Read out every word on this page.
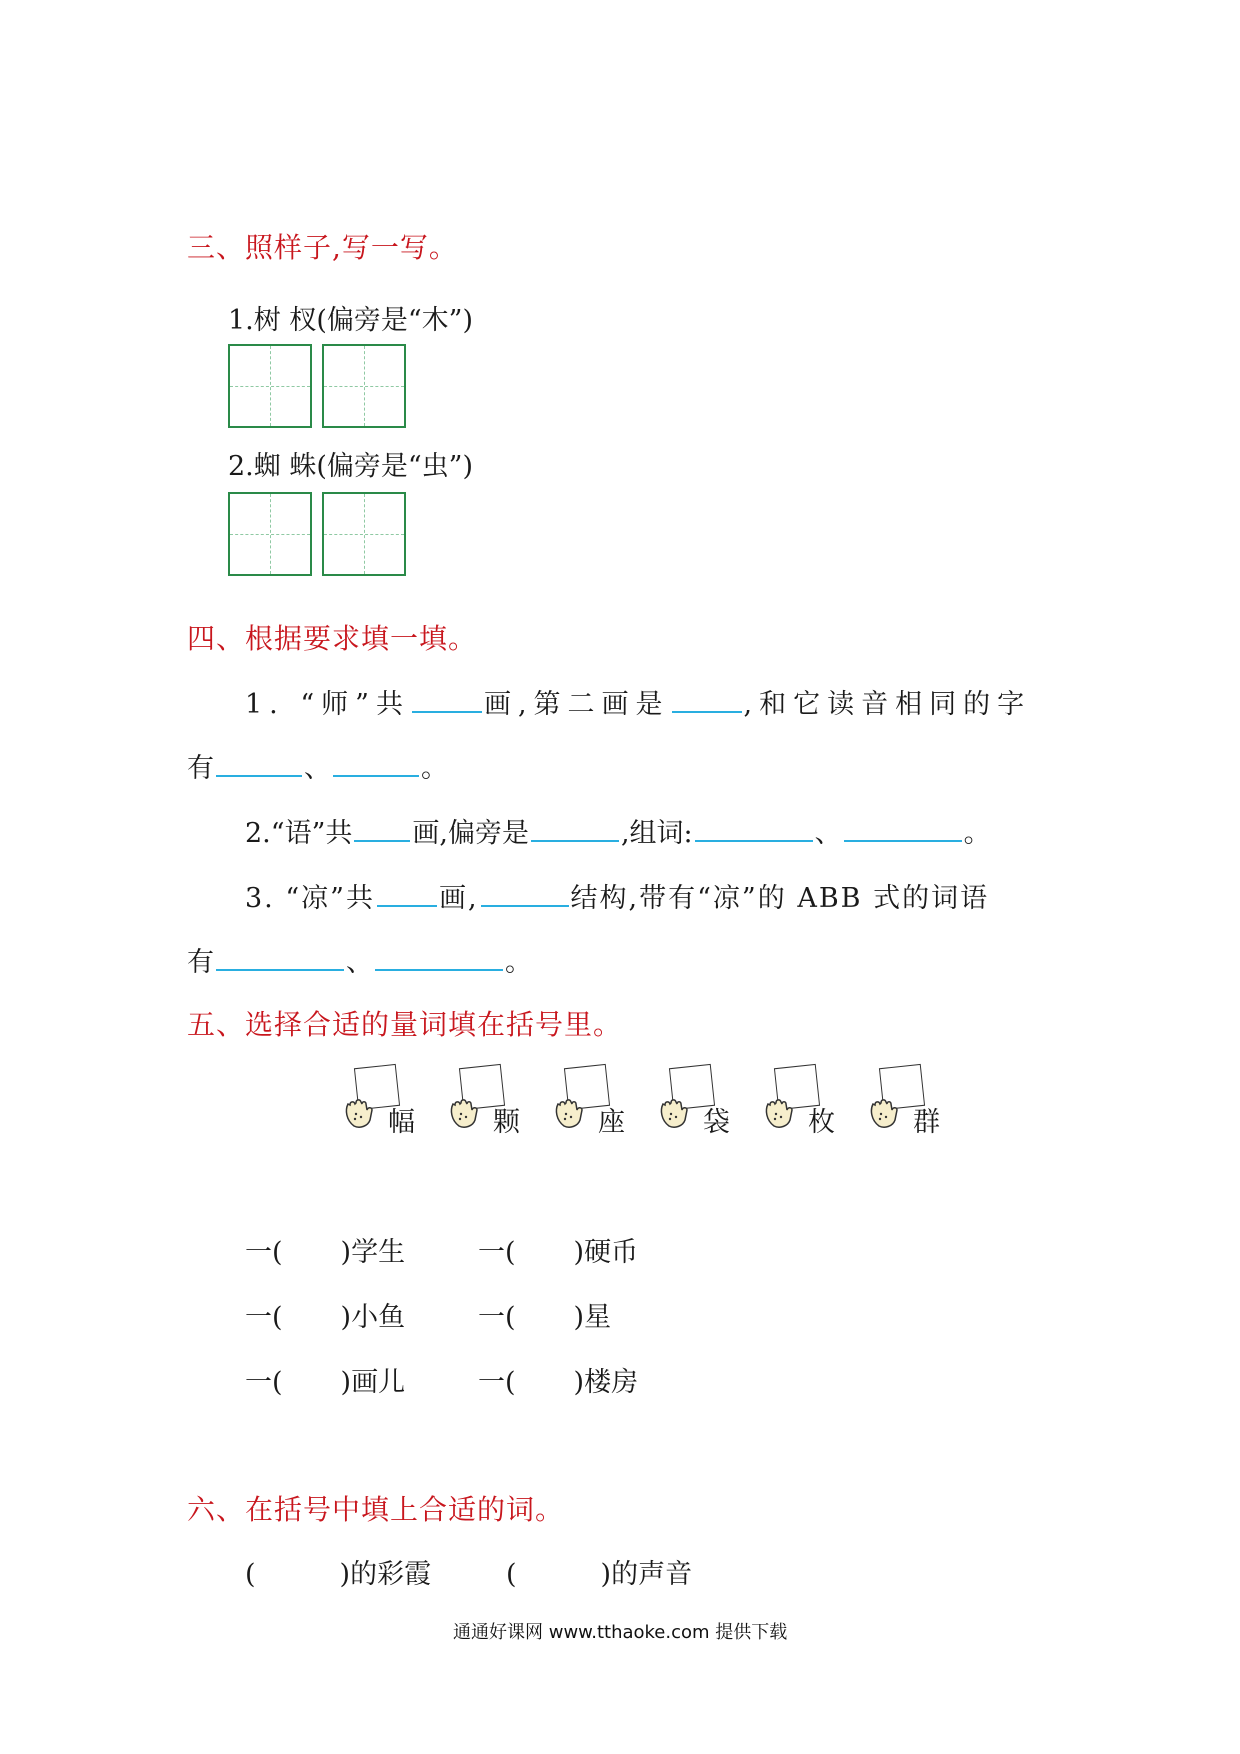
三、照样子,写一写。
1.树 杈(偏旁是“木”)
2.蜘 蛛(偏旁是“虫”)
四、根据要求填一填。
1. “师”共	画,第二画是	,和它读音相同的字
有	、	。
2.“语”共 画,偏旁是	,组词:	、	。
3. “凉”共 画,	结构,带有“凉”的 ABB 式的词语
有	、	。
五、选择合适的量词填在括号里。
幅	颗	座	袋	枚	群
一( )学生	一( )硬币
一( )小鱼	一( )星
一( )画儿	一( )楼房
六、在括号中填上合适的词。
(	)的彩霞	(	)的声音
通通好课网 www.tthaoke.com 提供下载
